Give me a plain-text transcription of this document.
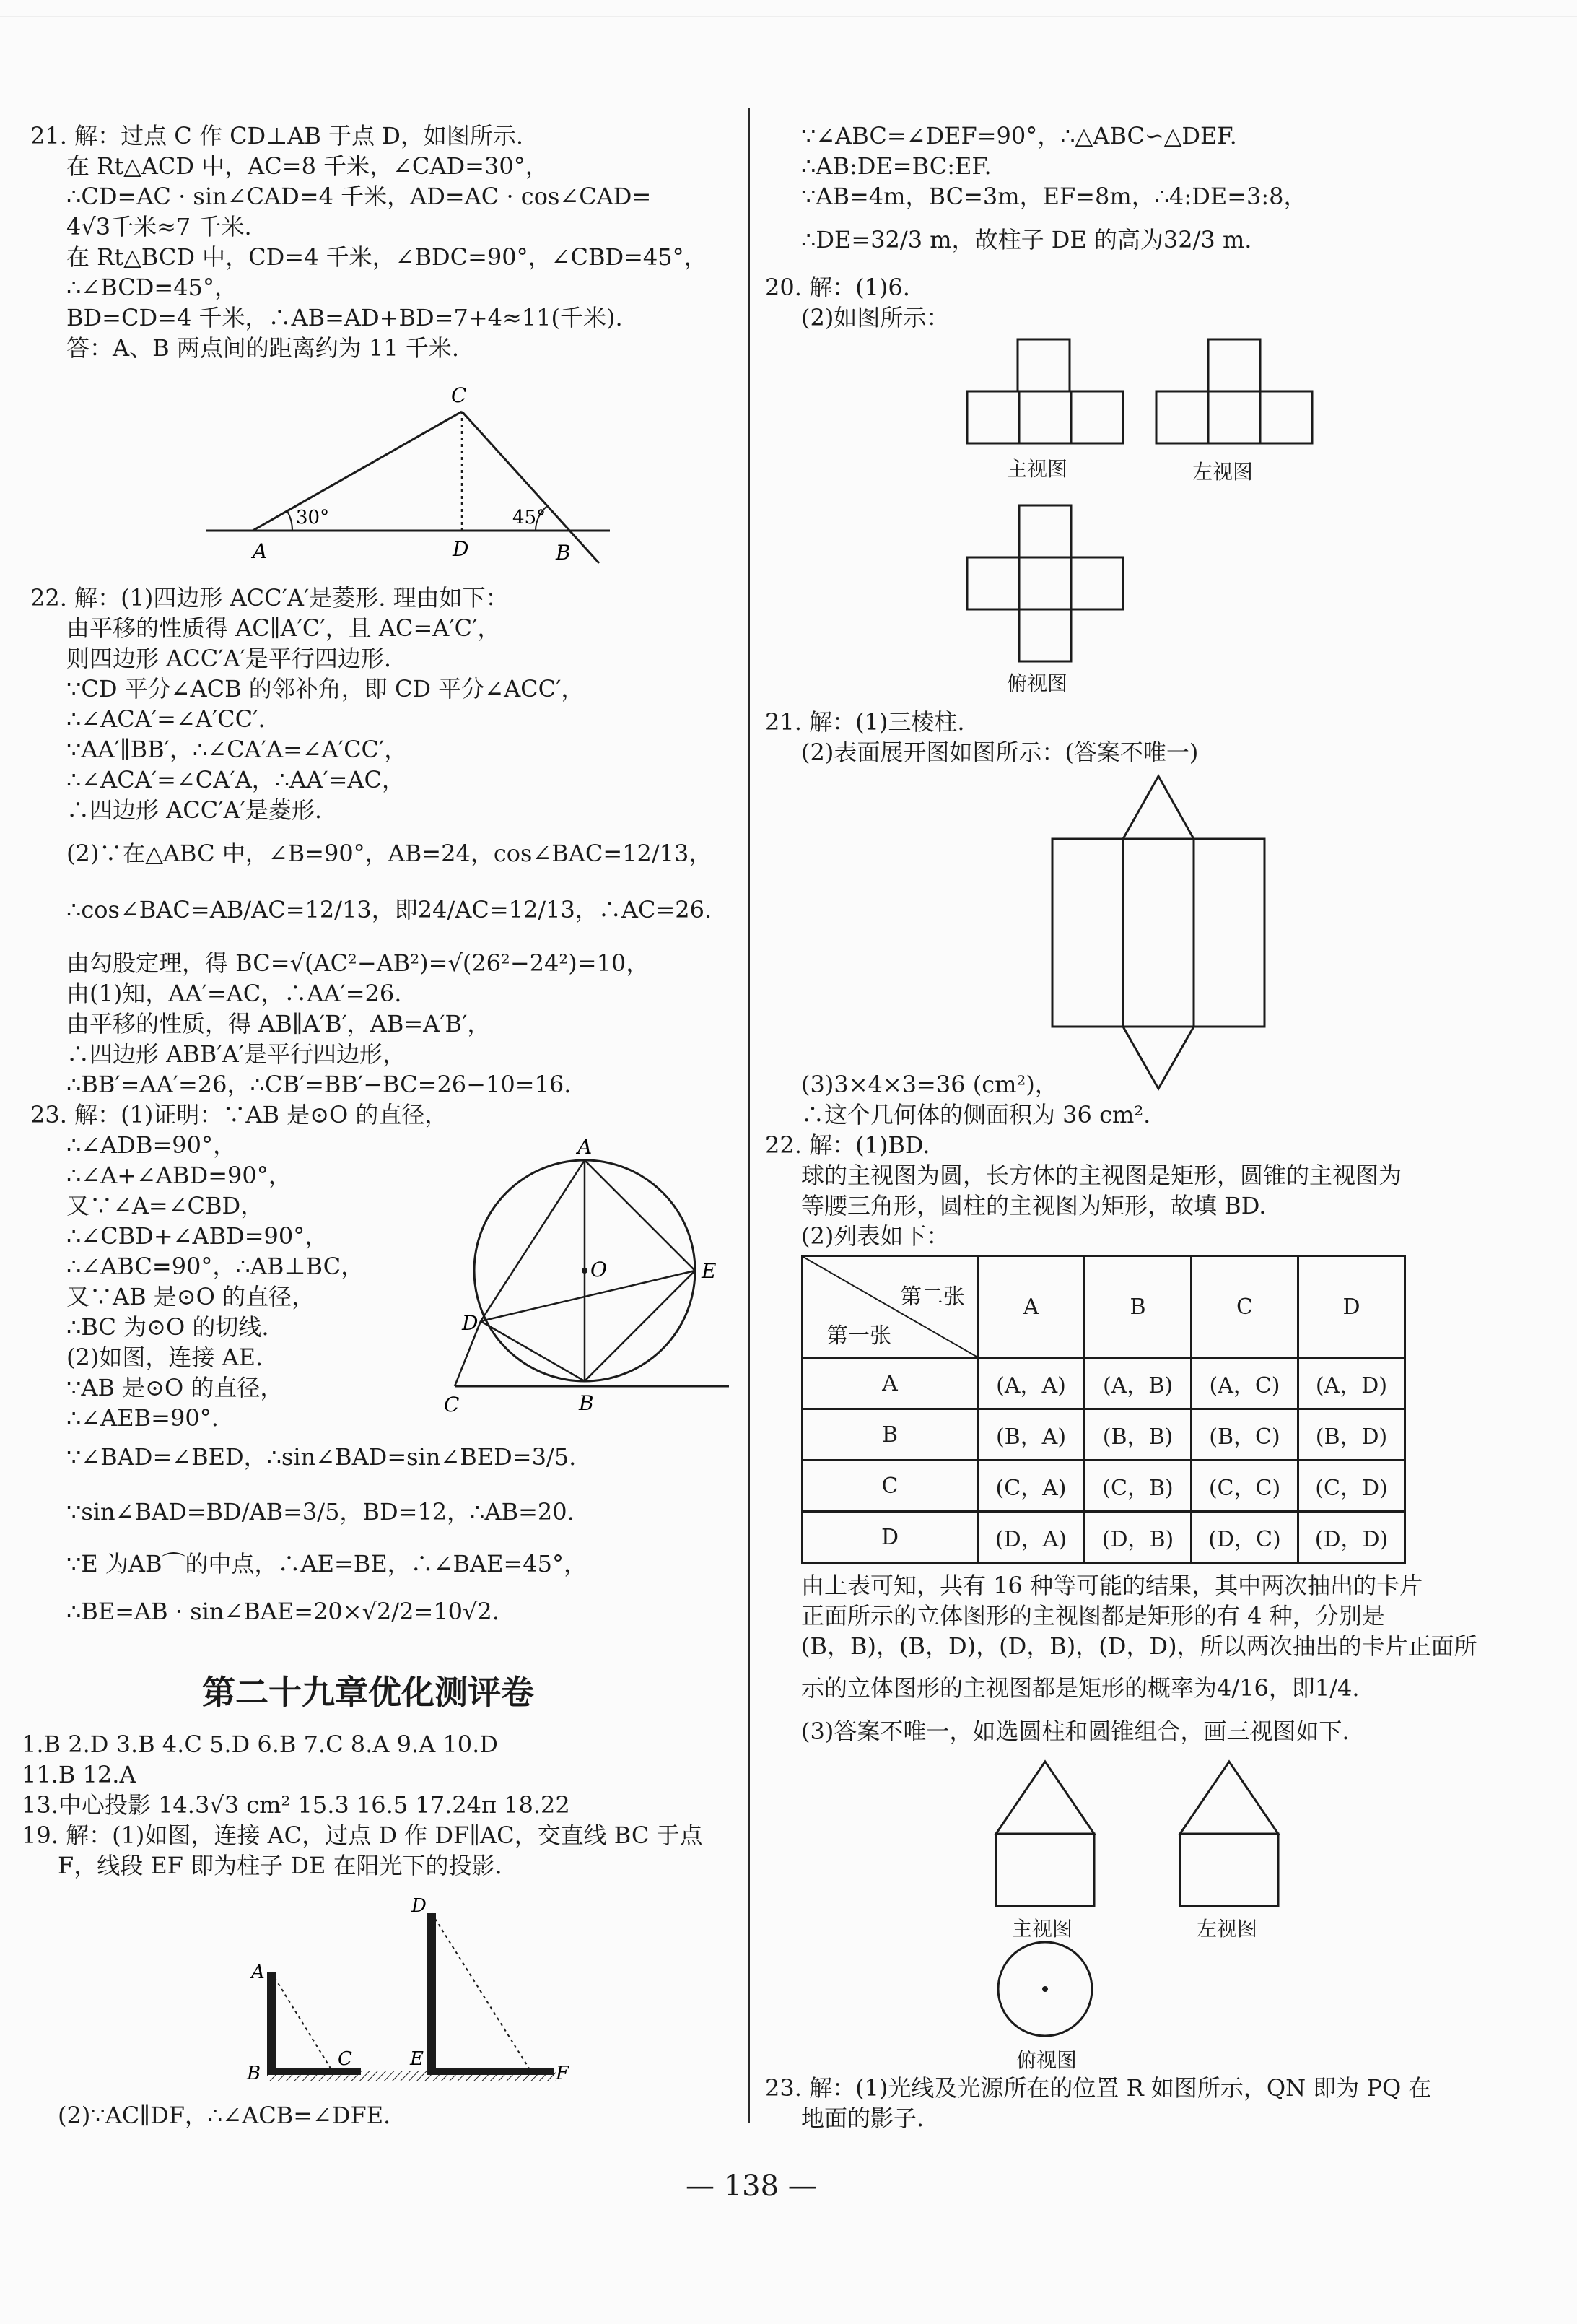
21. 解：过点 C 作 CD⊥AB 于点 D，如图所示.
在 Rt△ACD 中，AC=8 千米，∠CAD=30°，
∴CD=AC · sin∠CAD=4 千米，AD=AC · cos∠CAD=
4√3千米≈7 千米.
在 Rt△BCD 中，CD=4 千米，∠BDC=90°，∠CBD=45°，
∴∠BCD=45°，
BD=CD=4 千米，∴AB=AD+BD=7+4≈11(千米).
答：A、B 两点间的距离约为 11 千米.
C
A	D	B
30°	45°
22. 解：(1)四边形 ACC′A′是菱形. 理由如下：
由平移的性质得 AC∥A′C′，且 AC=A′C′，
则四边形 ACC′A′是平行四边形.
∵CD 平分∠ACB 的邻补角，即 CD 平分∠ACC′，
∴∠ACA′=∠A′CC′.
∵AA′∥BB′，∴∠CA′A=∠A′CC′，
∴∠ACA′=∠CA′A，∴AA′=AC，
∴四边形 ACC′A′是菱形.
(2)∵在△ABC 中，∠B=90°，AB=24，cos∠BAC=12/13，
∴cos∠BAC=AB/AC=12/13，即24/AC=12/13，∴AC=26.
由勾股定理，得 BC=√(AC²−AB²)=√(26²−24²)=10，
由(1)知，AA′=AC，∴AA′=26.
由平移的性质，得 AB∥A′B′，AB=A′B′，
∴四边形 ABB′A′是平行四边形，
∴BB′=AA′=26，∴CB′=BB′−BC=26−10=16.
23. 解：(1)证明：∵AB 是⊙O 的直径，
∴∠ADB=90°，
∴∠A+∠ABD=90°，
又∵∠A=∠CBD，
∴∠CBD+∠ABD=90°，
∴∠ABC=90°，∴AB⊥BC，
又∵AB 是⊙O 的直径，
∴BC 为⊙O 的切线.
(2)如图，连接 AE.
∵AB 是⊙O 的直径，
∴∠AEB=90°.
∵∠BAD=∠BED，∴sin∠BAD=sin∠BED=3/5.
∵sin∠BAD=BD/AB=3/5，BD=12，∴AB=20.
∵E 为AB⌒的中点，∴AE=BE，∴∠BAE=45°，
∴BE=AB · sin∠BAE=20×√2/2=10√2.
A
O	E
D
C	B
第二十九章优化测评卷
1.B 2.D 3.B 4.C 5.D 6.B 7.C 8.A 9.A 10.D
11.B 12.A
13.中心投影 14.3√3 cm² 15.3 16.5 17.24π 18.22
19. 解：(1)如图，连接 AC，过点 D 作 DF∥AC，交直线 BC 于点
F，线段 EF 即为柱子 DE 在阳光下的投影.
A
B
C
D
E
F
(2)∵AC∥DF，∴∠ACB=∠DFE.
∵∠ABC=∠DEF=90°，∴△ABC∽△DEF.
∴AB:DE=BC:EF.
∵AB=4m，BC=3m，EF=8m，∴4:DE=3:8，
∴DE=32/3 m，故柱子 DE 的高为32/3 m.
20. 解：(1)6.
(2)如图所示：
主视图	左视图
俯视图
21. 解：(1)三棱柱.
(2)表面展开图如图所示：(答案不唯一)
(3)3×4×3=36 (cm²)，
∴这个几何体的侧面积为 36 cm².
22. 解：(1)BD.
球的主视图为圆，长方体的主视图是矩形，圆锥的主视图为
等腰三角形，圆柱的主视图为矩形，故填 BD.
(2)列表如下：
第二张
第一张	A	B	C	D
A	(A，A)	(A，B)	(A，C)	(A，D)
B	(B，A)	(B，B)	(B，C)	(B，D)
C	(C，A)	(C，B)	(C，C)	(C，D)
D	(D，A)	(D，B)	(D，C)	(D，D)
由上表可知，共有 16 种等可能的结果，其中两次抽出的卡片
正面所示的立体图形的主视图都是矩形的有 4 种，分别是
(B，B)，(B，D)，(D，B)，(D，D)，所以两次抽出的卡片正面所
示的立体图形的主视图都是矩形的概率为4/16，即1/4.
(3)答案不唯一，如选圆柱和圆锥组合，画三视图如下.
主视图	左视图
俯视图
23. 解：(1)光线及光源所在的位置 R 如图所示，QN 即为 PQ 在
地面的影子.
— 138 —
